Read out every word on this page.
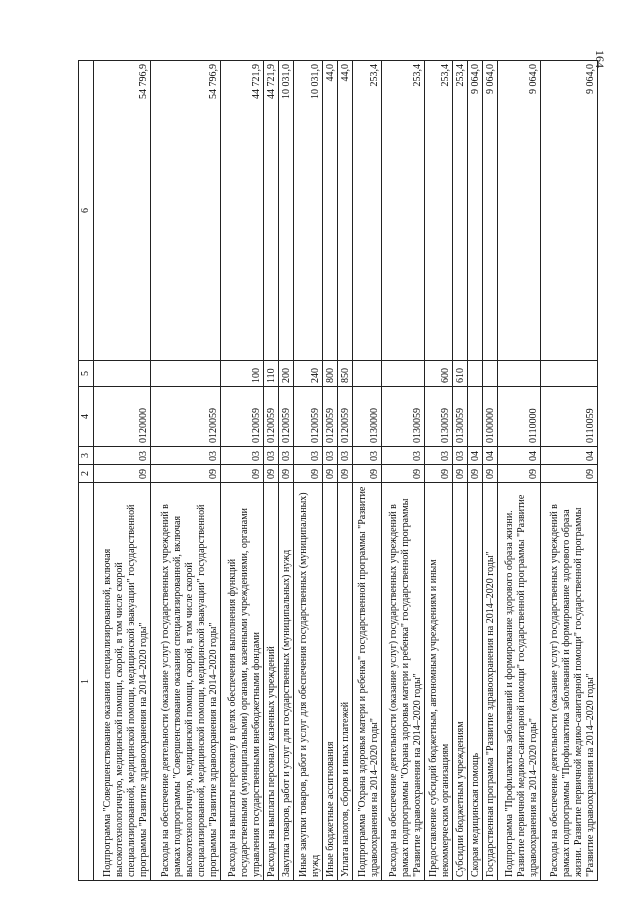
164
1	2	3	4	5	6
Подпрограмма "Совершенствование оказания специализированной, включая высокотехнологичную, медицинской помощи, скорой, в том числе скорой специализированной, медицинской помощи, медицинской эвакуации" государственной программы "Развитие здравоохранения на 2014–2020 годы"	09	03	0120000		54 796,9
Расходы на обеспечение деятельности (оказание услуг) государственных учреждений в рамках подпрограммы "Совершенствование оказания специализированной, включая высокотехнологичную, медицинской помощи, скорой, в том числе скорой специализированной, медицинской помощи, медицинской эвакуации" государственной программы "Развитие здравоохранения на 2014–2020 годы"	09	03	0120059		54 796,9
Расходы на выплаты персоналу в целях обеспечения выполнения функций государственными (муниципальными) органами, казенными учреждениями, органами управления государственными внебюджетными фондами	09	03	0120059	100	44 721,9
Расходы на выплаты персоналу казенных учреждений	09	03	0120059	110	44 721,9
Закупка товаров, работ и услуг для государственных (муниципальных) нужд	09	03	0120059	200	10 031,0
Иные закупки товаров, работ и услуг для обеспечения государственных (муниципальных) нужд	09	03	0120059	240	10 031,0
Иные бюджетные ассигнования	09	03	0120059	800	44,0
Уплата налогов, сборов и иных платежей	09	03	0120059	850	44,0
Подпрограмма "Охрана здоровья матери и ребенка" государственной программы "Развитие здравоохранения на 2014–2020 годы"	09	03	0130000		253,4
Расходы на обеспечение деятельности (оказание услуг) государственных учреждений в рамках подпрограммы "Охрана здоровья матери и ребенка" государственной программы "Развитие здравоохранения на 2014–2020 годы"	09	03	0130059		253,4
Предоставление субсидий бюджетным, автономным учреждениям и иным некоммерческим организациям	09	03	0130059	600	253,4
Субсидии бюджетным учреждениям	09	03	0130059	610	253,4
Скорая медицинская помощь	09	04			9 064,0
Государственная программа "Развитие здравоохранения на 2014–2020 годы"	09	04	0100000		9 064,0
Подпрограмма "Профилактика заболеваний и формирование здорового образа жизни. Развитие первичной медико-санитарной помощи" государственной программы "Развитие здравоохранения на 2014–2020 годы"	09	04	0110000		9 064,0
Расходы на обеспечение деятельности (оказание услуг) государственных учреждений в рамках подпрограммы "Профилактика заболеваний и формирование здорового образа жизни. Развитие первичной медико-санитарной помощи" государственной программы "Развитие здравоохранения на 2014–2020 годы"	09	04	0110059		9 064,0
